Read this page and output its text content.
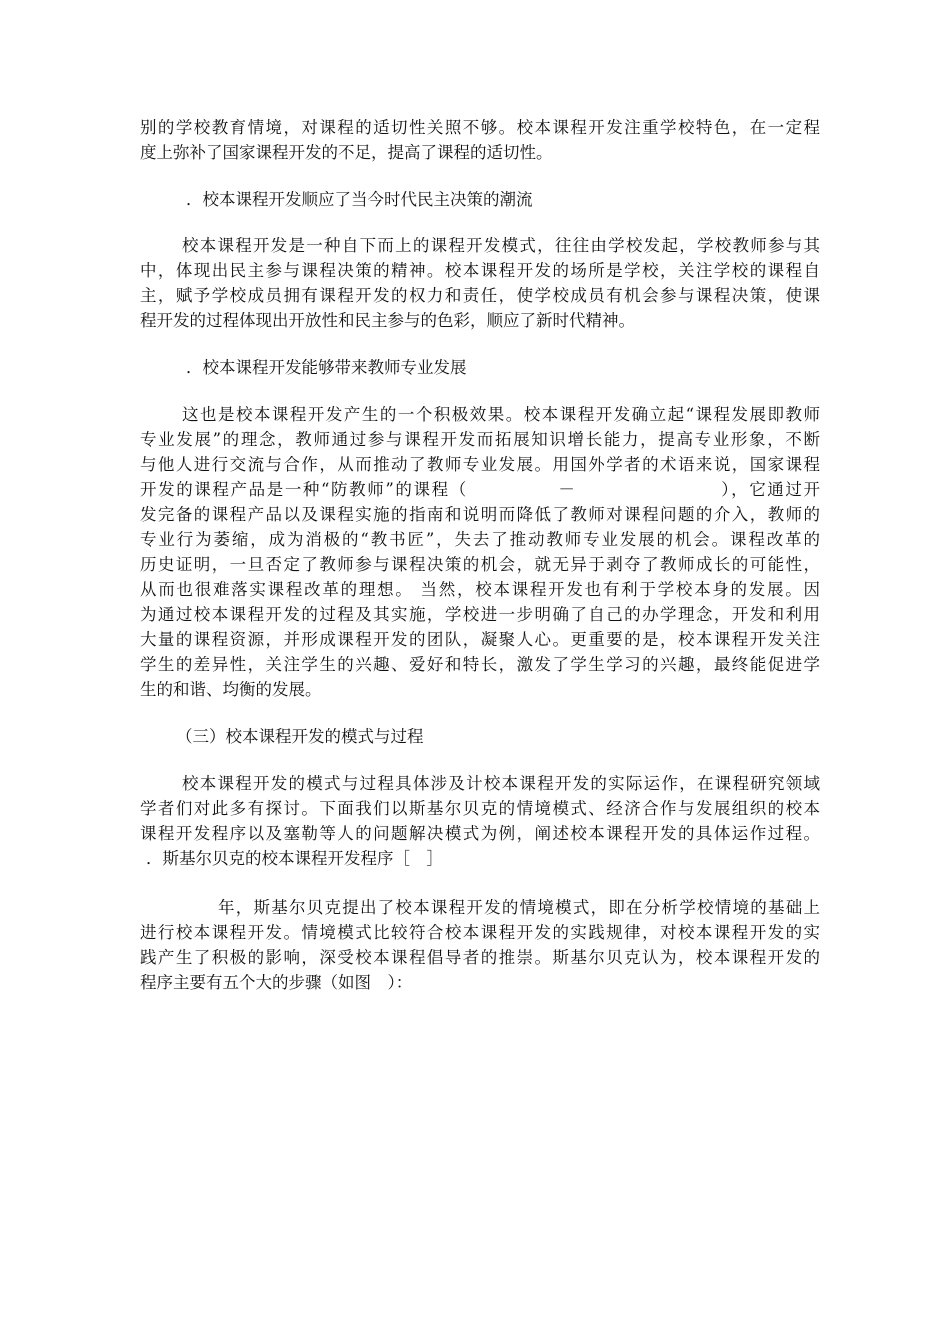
别的学校教育情境，对课程的适切性关照不够。校本课程开发注重学校特色，在一定程
度上弥补了国家课程开发的不足，提高了课程的适切性。
．校本课程开发顺应了当今时代民主决策的潮流
校本课程开发是一种自下而上的课程开发模式，往往由学校发起，学校教师参与其
中，体现出民主参与课程决策的精神。校本课程开发的场所是学校，关注学校的课程自
主，赋予学校成员拥有课程开发的权力和责任，使学校成员有机会参与课程决策，使课
程开发的过程体现出开放性和民主参与的色彩，顺应了新时代精神。
．校本课程开发能够带来教师专业发展
这也是校本课程开发产生的一个积极效果。校本课程开发确立起“课程发展即教师
专业发展”的理念，教师通过参与课程开发而拓展知识增长能力，提高专业形象，不断
与他人进行交流与合作，从而推动了教师专业发展。用国外学者的术语来说，国家课程
开发的课程产品是一种“防教师”的课程（　　　　　－　　　　　　　　），它通过开
发完备的课程产品以及课程实施的指南和说明而降低了教师对课程问题的介入，教师的
专业行为萎缩，成为消极的“教书匠”，失去了推动教师专业发展的机会。课程改革的
历史证明，一旦否定了教师参与课程决策的机会，就无异于剥夺了教师成长的可能性，
从而也很难落实课程改革的理想。 当然，校本课程开发也有利于学校本身的发展。因
为通过校本课程开发的过程及其实施，学校进一步明确了自己的办学理念，开发和利用
大量的课程资源，并形成课程开发的团队，凝聚人心。更重要的是，校本课程开发关注
学生的差异性，关注学生的兴趣、爱好和特长，激发了学生学习的兴趣，最终能促进学
生的和谐、均衡的发展。
（三）校本课程开发的模式与过程
校本课程开发的模式与过程具体涉及计校本课程开发的实际运作，在课程研究领域
学者们对此多有探讨。下面我们以斯基尔贝克的情境模式、经济合作与发展组织的校本
课程开发程序以及塞勒等人的问题解决模式为例，阐述校本课程开发的具体运作过程。
．斯基尔贝克的校本课程开发程序［　］
年，斯基尔贝克提出了校本课程开发的情境模式，即在分析学校情境的基础上
进行校本课程开发。情境模式比较符合校本课程开发的实践规律，对校本课程开发的实
践产生了积极的影响，深受校本课程倡导者的推崇。斯基尔贝克认为，校本课程开发的
程序主要有五个大的步骤（如图　）：
